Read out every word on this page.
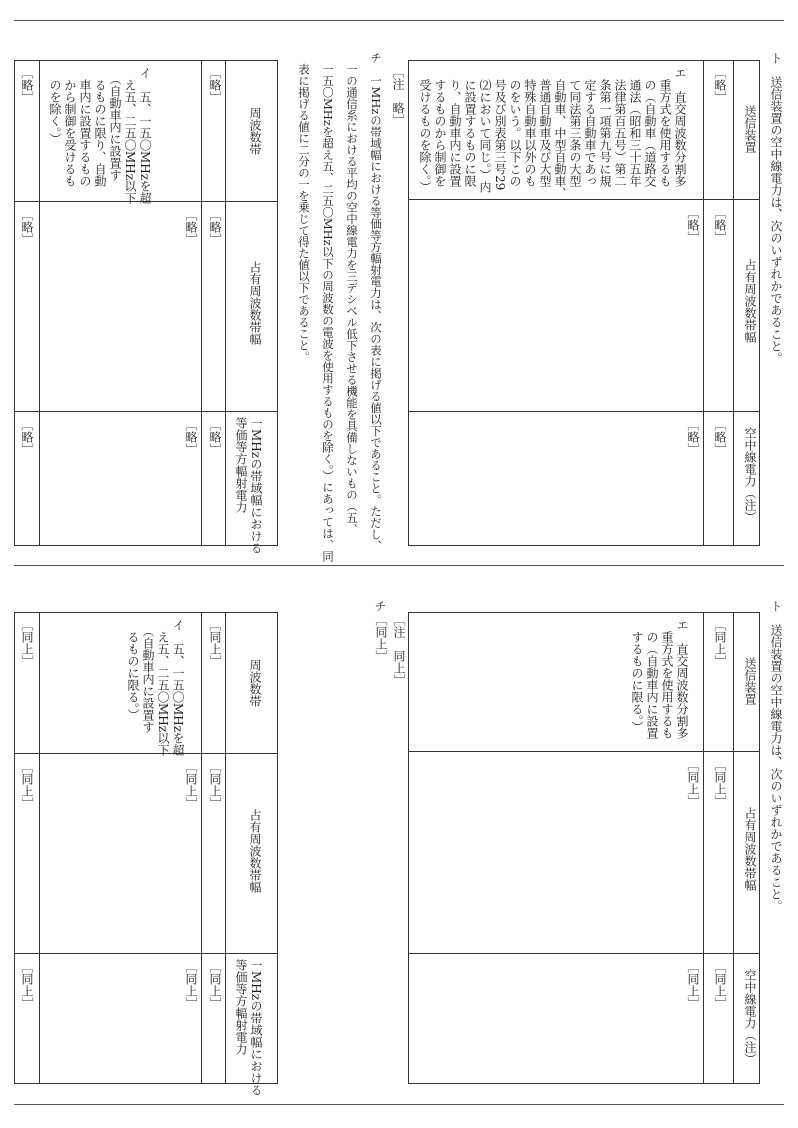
ト　送信装置の空中線電力は、次のいずれかであること。
送信装置
占有周波数帯幅
空中線電力（注）
［略］
［略］
［略］
エ　直交周波数分割多
　重方式を使用するも
　の（自動車（道路交
　通法（昭和三十五年
　法律第百五号）第二
　条第一項第九号に規
　定する自動車であっ
　て同法第三条の大型
　自動車、中型自動車、
　普通自動車及び大型
　特殊自動車以外のも
　のをいう。以下この
　号及び別表第三号29
　⑵において同じ。）内
　に設置するものに限
　り、自動車内に設置
　するものから制御を
　受けるものを除く。）
［略］
［略］
［注　略］
チ　一MHzの帯域幅における等価等方輻射電力は、次の表に掲げる値以下であること。ただし、
　一の通信系における平均の空中線電力を三デシベル低下させる機能を具備しないもの（五、
　一五〇MHzを超え五、二五〇MHz以下の周波数の電波を使用するものを除く。）にあっては、同
　表に掲げる値に二分の一を乗じて得た値以下であること。
周波数帯
占有周波数帯幅
一MHzの帯域幅における
等価等方輻射電力
［略］
［略］
［略］
イ　五、一五〇MHzを超
　え五、二五〇MHz以下
　（自動車内に設置す
　るものに限り、自動
　車内に設置するもの
　から制御を受けるも
　のを除く。）
［略］
［略］
［略］
［略］
［略］
ト　送信装置の空中線電力は、次のいずれかであること。
送信装置
占有周波数帯幅
空中線電力（注）
［同上］
［同上］
［同上］
エ　直交周波数分割多
　重方式を使用するも
　の（自動車内に設置
　するものに限る。）
［同上］
［同上］
［注　同上］
［同上］
チ
周波数帯
占有周波数帯幅
一MHzの帯域幅における
等価等方輻射電力
［同上］
［同上］
［同上］
イ　五、一五〇MHzを超
　え五、二五〇MHz以下
　（自動車内に設置す
　るものに限る。）
［同上］
［同上］
［同上］
［同上］
［同上］
